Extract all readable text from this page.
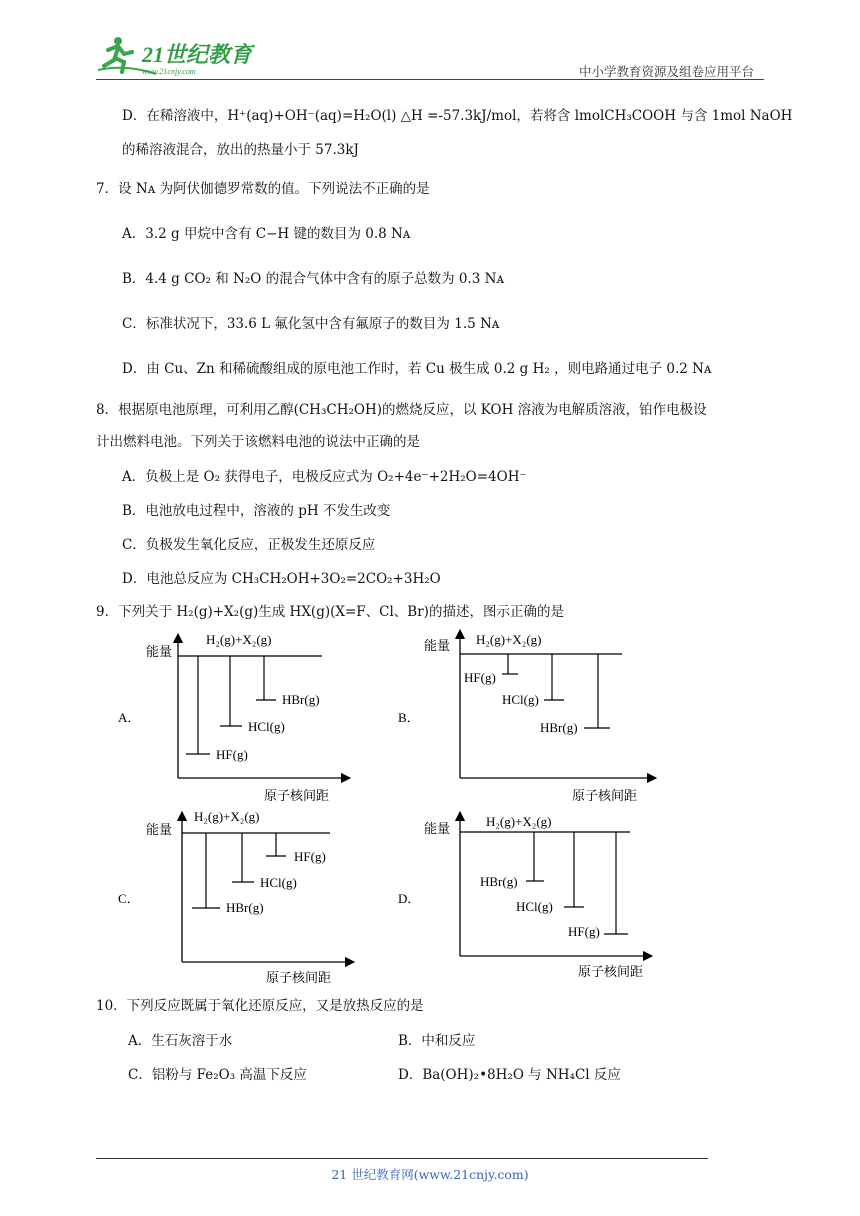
21世纪教育
www.21cnjy.com	中小学教育资源及组卷应用平台
D．在稀溶液中，H⁺(aq)+OH⁻(aq)=H₂O(l) △H =-57.3kJ/mol，若将含 lmolCH₃COOH 与含 1mol NaOH
的稀溶液混合，放出的热量小于 57.3kJ
7．设 Nᴀ 为阿伏伽德罗常数的值。下列说法不正确的是
A．3.2 g 甲烷中含有 C−H 键的数目为 0.8 Nᴀ
B．4.4 g CO₂ 和 N₂O 的混合气体中含有的原子总数为 0.3 Nᴀ
C．标准状况下，33.6 L 氟化氢中含有氟原子的数目为 1.5 Nᴀ
D．由 Cu、Zn 和稀硫酸组成的原电池工作时，若 Cu 极生成 0.2 g H₂ ，则电路通过电子 0.2 Nᴀ
8．根据原电池原理，可利用乙醇(CH₃CH₂OH)的燃烧反应，以 KOH 溶液为电解质溶液，铂作电极设
计出燃料电池。下列关于该燃料电池的说法中正确的是
A．负极上是 O₂ 获得电子，电极反应式为 O₂+4e⁻+2H₂O=4OH⁻
B．电池放电过程中，溶液的 pH 不发生改变
C．负极发生氧化反应，正极发生还原反应
D．电池总反应为 CH₃CH₂OH+3O₂=2CO₂+3H₂O
9．下列关于 H₂(g)+X₂(g)生成 HX(g)(X=F、Cl、Br)的描述，图示正确的是
A．
能量
H₂(g)+X₂(g)
HBr(g)
HCl(g)
HF(g)
原子核间距
B．
能量 H₂(g)+X₂(g)
HF(g)
HCl(g)
HBr(g)
原子核间距
C．
能量
H₂(g)+X₂(g)
HF(g)
HCl(g)
HBr(g)
原子核间距
D．
能量
H₂(g)+X₂(g)
HBr(g)
HCl(g)
HF(g)
原子核间距
10．下列反应既属于氧化还原反应，又是放热反应的是
A．生石灰溶于水	B．中和反应
C．铝粉与 Fe₂O₃ 高温下反应	D．Ba(OH)₂•8H₂O 与 NH₄Cl 反应
21 世纪教育网(www.21cnjy.com)
